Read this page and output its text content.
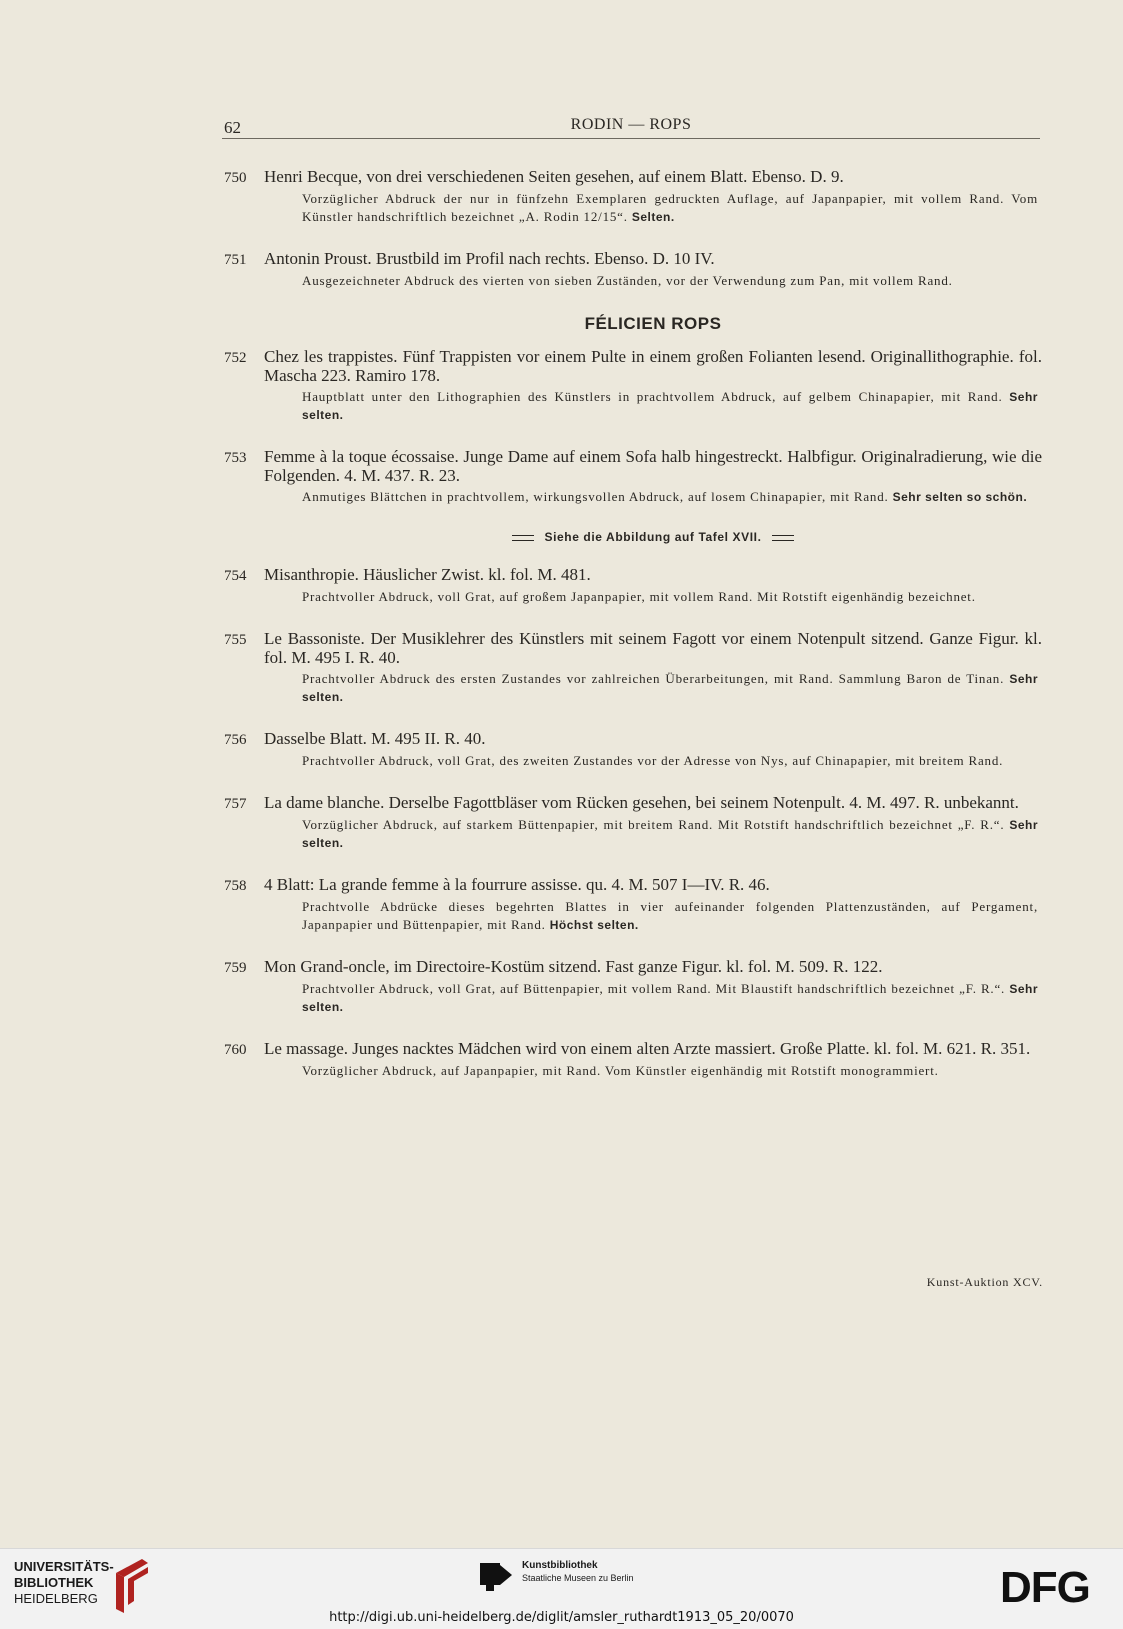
62	RODIN — ROPS
750 Henri Becque, von drei verschiedenen Seiten gesehen, auf einem Blatt. Ebenso. D. 9.
Vorzüglicher Abdruck der nur in fünfzehn Exemplaren gedruckten Auflage, auf Japanpapier, mit vollem Rand. Vom Künstler handschriftlich bezeichnet „A. Rodin 12/15“. Selten.
751 Antonin Proust. Brustbild im Profil nach rechts. Ebenso. D. 10 IV.
Ausgezeichneter Abdruck des vierten von sieben Zuständen, vor der Verwendung zum Pan, mit vollem Rand.
FÉLICIEN ROPS
752 Chez les trappistes. Fünf Trappisten vor einem Pulte in einem großen Folianten lesend. Originallithographie. fol. Mascha 223. Ramiro 178.
Hauptblatt unter den Lithographien des Künstlers in prachtvollem Abdruck, auf gelbem Chinapapier, mit Rand. Sehr selten.
753 Femme à la toque écossaise. Junge Dame auf einem Sofa halb hingestreckt. Halbfigur. Originalradierung, wie die Folgenden. 4. M. 437. R. 23.
Anmutiges Blättchen in prachtvollem, wirkungsvollen Abdruck, auf losem Chinapapier, mit Rand. Sehr selten so schön.
Siehe die Abbildung auf Tafel XVII.
754 Misanthropie. Häuslicher Zwist. kl. fol. M. 481.
Prachtvoller Abdruck, voll Grat, auf großem Japanpapier, mit vollem Rand. Mit Rotstift eigenhändig bezeichnet.
755 Le Bassoniste. Der Musiklehrer des Künstlers mit seinem Fagott vor einem Notenpult sitzend. Ganze Figur. kl. fol. M. 495 I. R. 40.
Prachtvoller Abdruck des ersten Zustandes vor zahlreichen Überarbeitungen, mit Rand. Sammlung Baron de Tinan. Sehr selten.
756 Dasselbe Blatt. M. 495 II. R. 40.
Prachtvoller Abdruck, voll Grat, des zweiten Zustandes vor der Adresse von Nys, auf Chinapapier, mit breitem Rand.
757 La dame blanche. Derselbe Fagottbläser vom Rücken gesehen, bei seinem Notenpult. 4. M. 497. R. unbekannt.
Vorzüglicher Abdruck, auf starkem Büttenpapier, mit breitem Rand. Mit Rotstift handschriftlich bezeichnet „F. R.“. Sehr selten.
758 4 Blatt: La grande femme à la fourrure assisse. qu. 4. M. 507 I—IV. R. 46.
Prachtvolle Abdrücke dieses begehrten Blattes in vier aufeinander folgenden Plattenzuständen, auf Pergament, Japanpapier und Büttenpapier, mit Rand. Höchst selten.
759 Mon Grand-oncle, im Directoire-Kostüm sitzend. Fast ganze Figur. kl. fol. M. 509. R. 122.
Prachtvoller Abdruck, voll Grat, auf Büttenpapier, mit vollem Rand. Mit Blaustift handschriftlich bezeichnet „F. R.“. Sehr selten.
760 Le massage. Junges nacktes Mädchen wird von einem alten Arzte massiert. Große Platte. kl. fol. M. 621. R. 351.
Vorzüglicher Abdruck, auf Japanpapier, mit Rand. Vom Künstler eigenhändig mit Rotstift monogrammiert.
Kunst-Auktion XCV.
UNIVERSITÄTS-
BIBLIOTHEK
HEIDELBERG
Kunstbibliothek
Staatliche Museen zu Berlin	DFG
http://digi.ub.uni-heidelberg.de/diglit/amsler_ruthardt1913_05_20/0070
